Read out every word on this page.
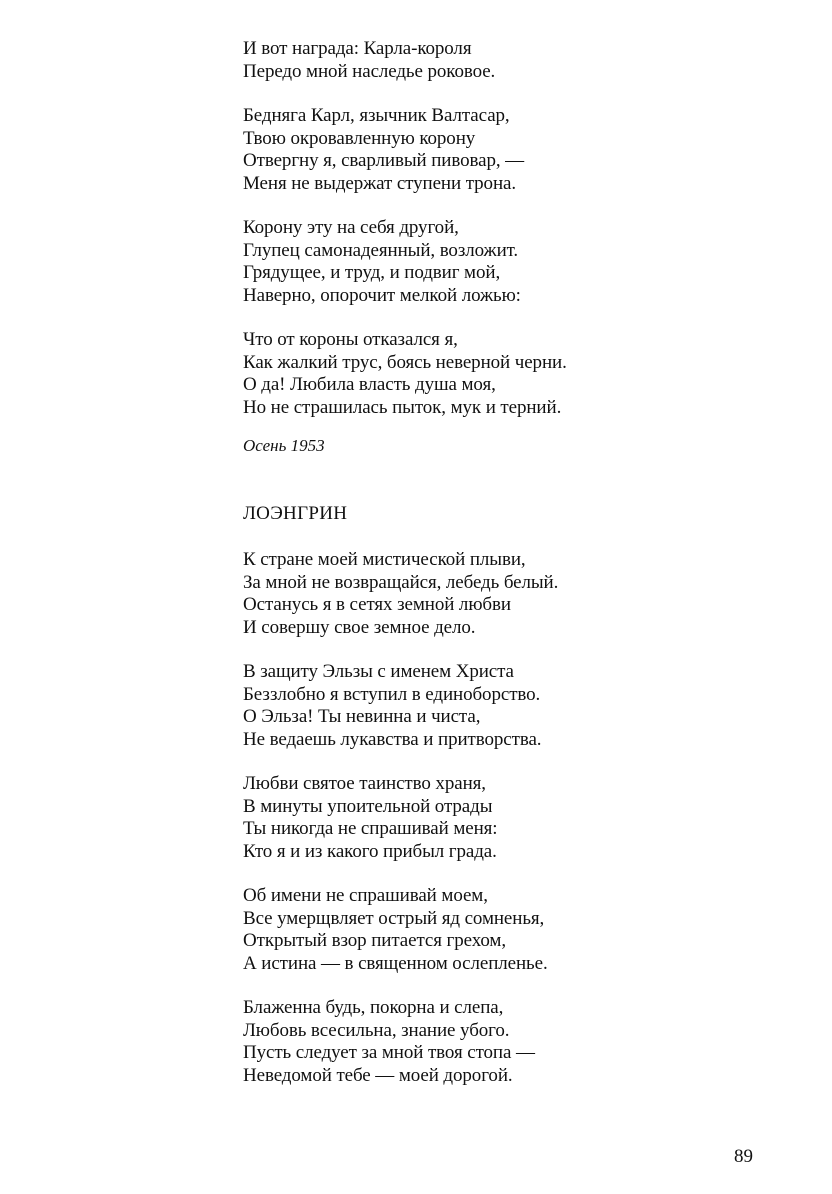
И вот награда: Карла-короля
Передо мной наследье роковое.
Бедняга Карл, язычник Валтасар,
Твою окровавленную корону
Отвергну я, сварливый пивовар, —
Меня не выдержат ступени трона.
Корону эту на себя другой,
Глупец самонадеянный, возложит.
Грядущее, и труд, и подвиг мой,
Наверно, опорочит мелкой ложью:
Что от короны отказался я,
Как жалкий трус, боясь неверной черни.
О да! Любила власть душа моя,
Но не страшилась пыток, мук и терний.
Осень 1953
ЛОЭНГРИН
К стране моей мистической плыви,
За мной не возвращайся, лебедь белый.
Останусь я в сетях земной любви
И совершу свое земное дело.
В защиту Эльзы с именем Христа
Беззлобно я вступил в единоборство.
О Эльза! Ты невинна и чиста,
Не ведаешь лукавства и притворства.
Любви святое таинство храня,
В минуты упоительной отрады
Ты никогда не спрашивай меня:
Кто я и из какого прибыл града.
Об имени не спрашивай моем,
Все умерщвляет острый яд сомненья,
Открытый взор питается грехом,
А истина — в священном ослепленье.
Блаженна будь, покорна и слепа,
Любовь всесильна, знание убого.
Пусть следует за мной твоя стопа —
Неведомой тебе — моей дорогой.
89
